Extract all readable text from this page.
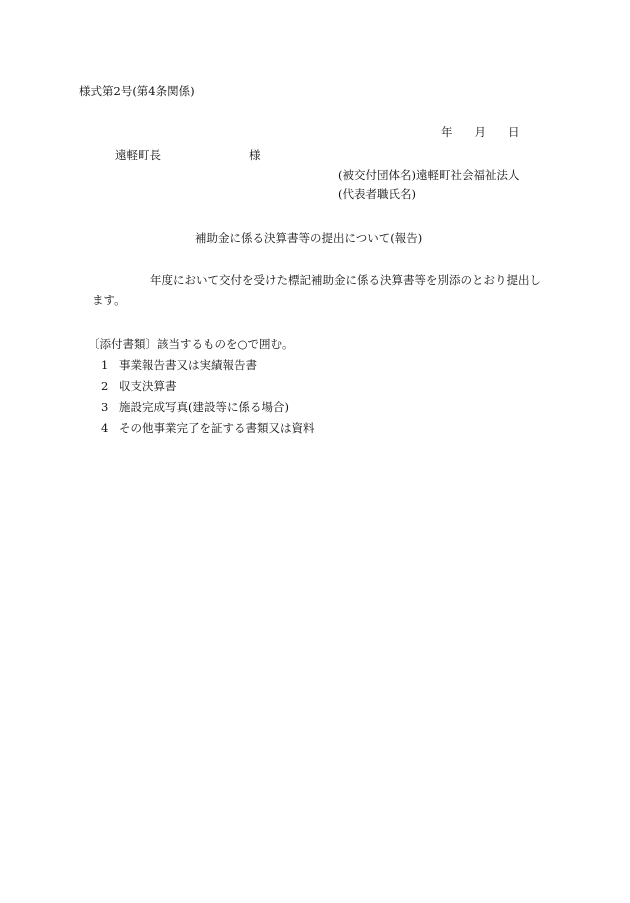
様式第2号(第4条関係)
年 月 日
遠軽町長	様
(被交付団体名)遠軽町社会福祉法人
(代表者職氏名)
補助金に係る決算書等の提出について(報告)
年度において交付を受けた標記補助金に係る決算書等を別添のとおり提出し
ます。
〔添付書類〕該当するものを○で囲む。
1 事業報告書又は実績報告書
2 収支決算書
3 施設完成写真(建設等に係る場合)
4 その他事業完了を証する書類又は資料
